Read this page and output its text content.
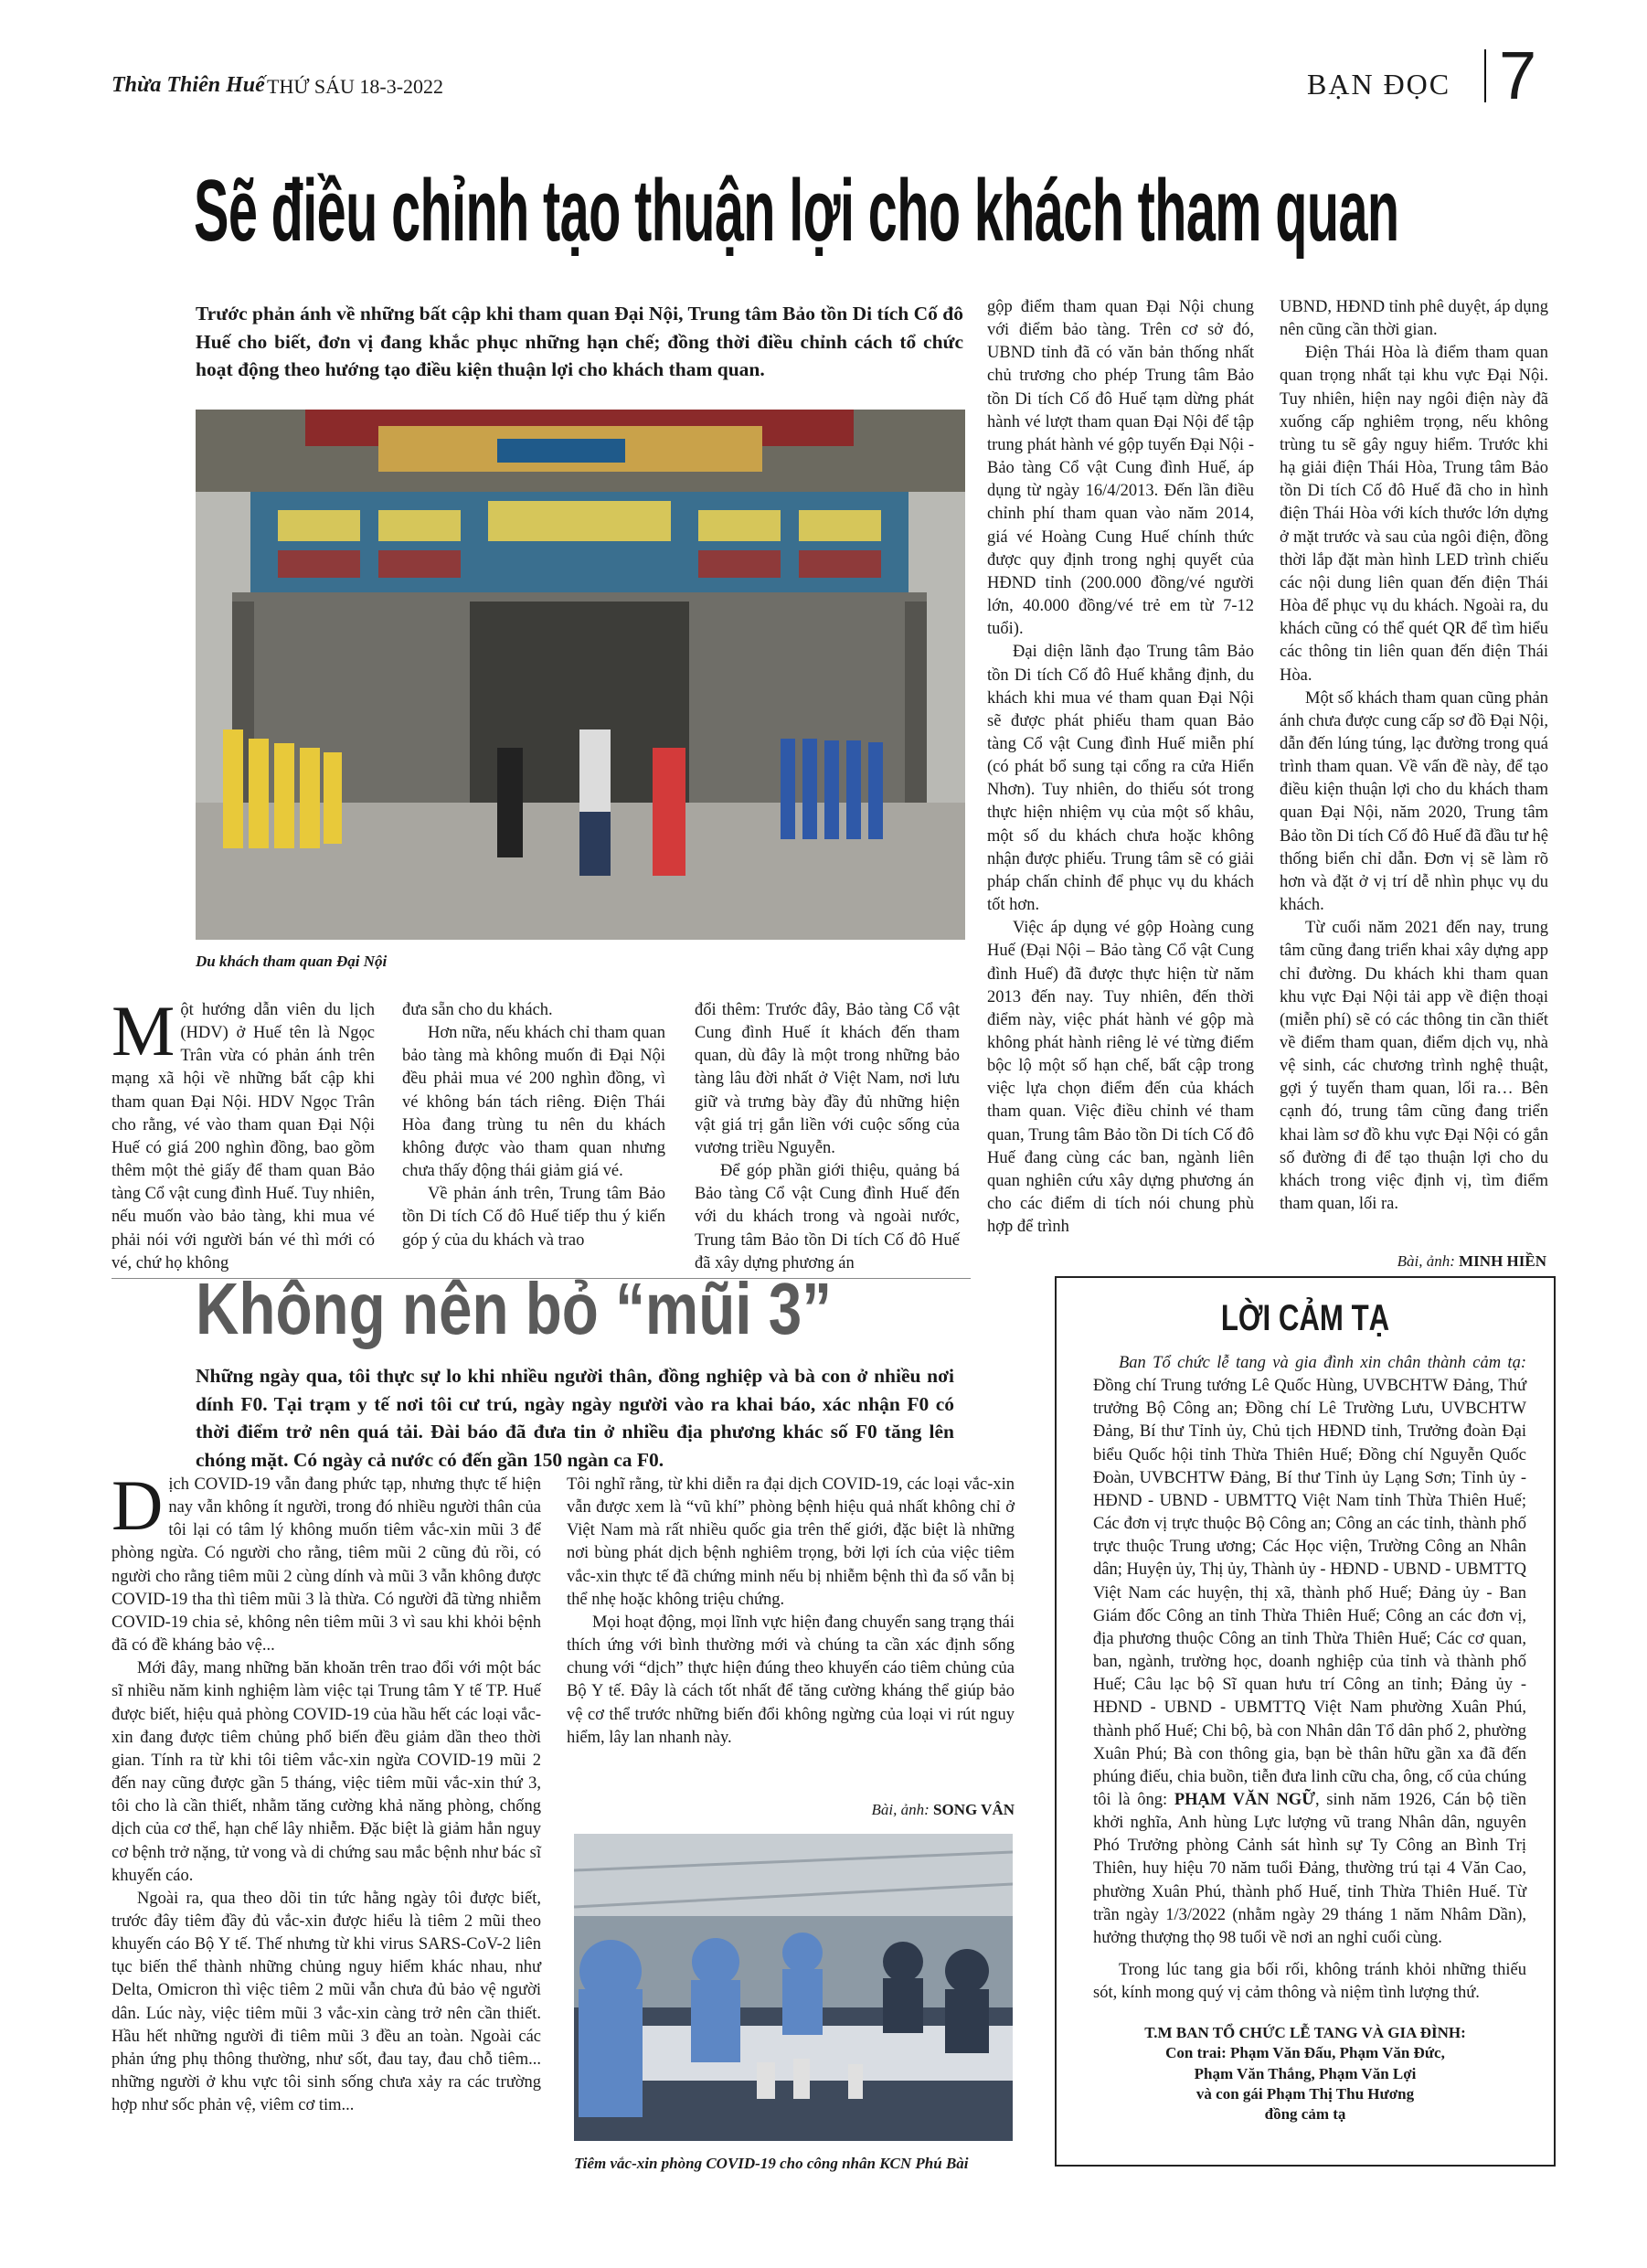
Thừa Thiên Huế THỨ SÁU 18-3-2022	BẠN ĐỌC 7
Sẽ điều chỉnh tạo thuận lợi cho khách tham quan
Trước phản ánh về những bất cập khi tham quan Đại Nội, Trung tâm Bảo tồn Di tích Cố đô Huế cho biết, đơn vị đang khắc phục những hạn chế; đồng thời điều chỉnh cách tổ chức hoạt động theo hướng tạo điều kiện thuận lợi cho khách tham quan.
Du khách tham quan Đại Nội
Một hướng dẫn viên du lịch (HDV) ở Huế tên là Ngọc Trân vừa có phản ánh trên mạng xã hội về những bất cập khi tham quan Đại Nội. HDV Ngọc Trân cho rằng, vé vào tham quan Đại Nội Huế có giá 200 nghìn đồng, bao gồm thêm một thẻ giấy để tham quan Bảo tàng Cổ vật cung đình Huế. Tuy nhiên, nếu muốn vào bảo tàng, khi mua vé phải nói với người bán vé thì mới có vé, chứ họ không

đưa sẵn cho du khách.

Hơn nữa, nếu khách chỉ tham quan bảo tàng mà không muốn đi Đại Nội đều phải mua vé 200 nghìn đồng, vì vé không bán tách riêng. Điện Thái Hòa đang trùng tu nên du khách không được vào tham quan nhưng chưa thấy động thái giảm giá vé.

Về phản ánh trên, Trung tâm Bảo tồn Di tích Cố đô Huế tiếp thu ý kiến góp ý của du khách và trao

đổi thêm: Trước đây, Bảo tàng Cổ vật Cung đình Huế ít khách đến tham quan, dù đây là một trong những bảo tàng lâu đời nhất ở Việt Nam, nơi lưu giữ và trưng bày đầy đủ những hiện vật giá trị gắn liền với cuộc sống của vương triều Nguyễn.

Để góp phần giới thiệu, quảng bá Bảo tàng Cổ vật Cung đình Huế đến với du khách trong và ngoài nước, Trung tâm Bảo tồn Di tích Cố đô Huế đã xây dựng phương án

gộp điểm tham quan Đại Nội chung với điểm bảo tàng. Trên cơ sở đó, UBND tỉnh đã có văn bản thống nhất chủ trương cho phép Trung tâm Bảo tồn Di tích Cố đô Huế tạm dừng phát hành vé lượt tham quan Đại Nội để tập trung phát hành vé gộp tuyến Đại Nội - Bảo tàng Cổ vật Cung đình Huế, áp dụng từ ngày 16/4/2013. Đến lần điều chỉnh phí tham quan vào năm 2014, giá vé Hoàng Cung Huế chính thức được quy định trong nghị quyết của HĐND tỉnh (200.000 đồng/vé người lớn, 40.000 đồng/vé trẻ em từ 7-12 tuổi).

Đại diện lãnh đạo Trung tâm Bảo tồn Di tích Cố đô Huế khẳng định, du khách khi mua vé tham quan Đại Nội sẽ được phát phiếu tham quan Bảo tàng Cổ vật Cung đình Huế miễn phí (có phát bổ sung tại cổng ra cửa Hiển Nhơn). Tuy nhiên, do thiếu sót trong thực hiện nhiệm vụ của một số khâu, một số du khách chưa hoặc không nhận được phiếu. Trung tâm sẽ có giải pháp chấn chỉnh để phục vụ du khách tốt hơn.

Việc áp dụng vé gộp Hoàng cung Huế (Đại Nội – Bảo tàng Cổ vật Cung đình Huế) đã được thực hiện từ năm 2013 đến nay. Tuy nhiên, đến thời điểm này, việc phát hành vé gộp mà không phát hành riêng lẻ vé từng điểm bộc lộ một số hạn chế, bất cập trong việc lựa chọn điểm đến của khách tham quan. Việc điều chỉnh vé tham quan, Trung tâm Bảo tồn Di tích Cố đô Huế đang cùng các ban, ngành liên quan nghiên cứu xây dựng phương án cho các điểm di tích nói chung phù hợp để trình

UBND, HĐND tỉnh phê duyệt, áp dụng nên cũng cần thời gian.

Điện Thái Hòa là điểm tham quan quan trọng nhất tại khu vực Đại Nội. Tuy nhiên, hiện nay ngôi điện này đã xuống cấp nghiêm trọng, nếu không trùng tu sẽ gây nguy hiểm. Trước khi hạ giải điện Thái Hòa, Trung tâm Bảo tồn Di tích Cố đô Huế đã cho in hình điện Thái Hòa với kích thước lớn dựng ở mặt trước và sau của ngôi điện, đồng thời lắp đặt màn hình LED trình chiếu các nội dung liên quan đến điện Thái Hòa để phục vụ du khách. Ngoài ra, du khách cũng có thể quét QR để tìm hiểu các thông tin liên quan đến điện Thái Hòa.

Một số khách tham quan cũng phản ánh chưa được cung cấp sơ đồ Đại Nội, dẫn đến lúng túng, lạc đường trong quá trình tham quan. Về vấn đề này, để tạo điều kiện thuận lợi cho du khách tham quan Đại Nội, năm 2020, Trung tâm Bảo tồn Di tích Cố đô Huế đã đầu tư hệ thống biển chỉ dẫn. Đơn vị sẽ làm rõ hơn và đặt ở vị trí dễ nhìn phục vụ du khách.

Từ cuối năm 2021 đến nay, trung tâm cũng đang triển khai xây dựng app chỉ đường. Du khách khi tham quan khu vực Đại Nội tải app về điện thoại (miễn phí) sẽ có các thông tin cần thiết về điểm tham quan, điểm dịch vụ, nhà vệ sinh, các chương trình nghệ thuật, gợi ý tuyến tham quan, lối ra… Bên cạnh đó, trung tâm cũng đang triển khai làm sơ đồ khu vực Đại Nội có gắn số đường đi để tạo thuận lợi cho du khách trong việc định vị, tìm điểm tham quan, lối ra.

Bài, ảnh: MINH HIỀN
Không nên bỏ “mũi 3”
Những ngày qua, tôi thực sự lo khi nhiều người thân, đồng nghiệp và bà con ở nhiều nơi dính F0. Tại trạm y tế nơi tôi cư trú, ngày ngày người vào ra khai báo, xác nhận F0 có thời điểm trở nên quá tải. Đài báo đã đưa tin ở nhiều địa phương khác số F0 tăng lên chóng mặt. Có ngày cả nước có đến gần 150 ngàn ca F0.
Dịch COVID-19 vẫn đang phức tạp, nhưng thực tế hiện nay vẫn không ít người, trong đó nhiều người thân của tôi lại có tâm lý không muốn tiêm vắc-xin mũi 3 để phòng ngừa. Có người cho rằng, tiêm mũi 2 cũng đủ rồi, có người cho rằng tiêm mũi 2 cùng dính và mũi 3 vẫn không được COVID-19 tha thì tiêm mũi 3 là thừa. Có người đã từng nhiễm COVID-19 chia sẻ, không nên tiêm mũi 3 vì sau khi khỏi bệnh đã có đề kháng bảo vệ...

Mới đây, mang những băn khoăn trên trao đổi với một bác sĩ nhiều năm kinh nghiệm làm việc tại Trung tâm Y tế TP. Huế được biết, hiệu quả phòng COVID-19 của hầu hết các loại vắc-xin đang được tiêm chủng phổ biến đều giảm dần theo thời gian. Tính ra từ khi tôi tiêm vắc-xin ngừa COVID-19 mũi 2 đến nay cũng được gần 5 tháng, việc tiêm mũi vắc-xin thứ 3, tôi cho là cần thiết, nhằm tăng cường khả năng phòng, chống dịch của cơ thể, hạn chế lây nhiễm. Đặc biệt là giảm hẳn nguy cơ bệnh trở nặng, tử vong và di chứng sau mắc bệnh như bác sĩ khuyến cáo.

Ngoài ra, qua theo dõi tin tức hằng ngày tôi được biết, trước đây tiêm đầy đủ vắc-xin được hiểu là tiêm 2 mũi theo khuyến cáo Bộ Y tế. Thế nhưng từ khi virus SARS-CoV-2 liên tục biến thể thành những chủng nguy hiểm khác nhau, như Delta, Omicron thì việc tiêm 2 mũi vẫn chưa đủ bảo vệ người dân. Lúc này, việc tiêm mũi 3 vắc-xin càng trở nên cần thiết. Hầu hết những người đi tiêm mũi 3 đều an toàn. Ngoài các phản ứng phụ thông thường, như sốt, đau tay, đau chỗ tiêm... những người ở khu vực tôi sinh sống chưa xảy ra các trường hợp như sốc phản vệ, viêm cơ tim...

Tôi nghĩ rằng, từ khi diễn ra đại dịch COVID-19, các loại vắc-xin vẫn được xem là “vũ khí” phòng bệnh hiệu quả nhất không chỉ ở Việt Nam mà rất nhiều quốc gia trên thế giới, đặc biệt là những nơi bùng phát dịch bệnh nghiêm trọng, bởi lợi ích của việc tiêm vắc-xin thực tế đã chứng minh nếu bị nhiễm bệnh thì đa số vẫn bị thể nhẹ hoặc không triệu chứng.

Mọi hoạt động, mọi lĩnh vực hiện đang chuyển sang trạng thái thích ứng với bình thường mới và chúng ta cần xác định sống chung với “dịch” thực hiện đúng theo khuyến cáo tiêm chủng của Bộ Y tế. Đây là cách tốt nhất để tăng cường kháng thể giúp bảo vệ cơ thể trước những biến đổi không ngừng của loại vi rút nguy hiểm, lây lan nhanh này.

Bài, ảnh: SONG VÂN
Tiêm vắc-xin phòng COVID-19 cho công nhân KCN Phú Bài
LỜI CẢM TẠ

Ban Tổ chức lễ tang và gia đình xin chân thành cảm tạ: Đồng chí Trung tướng Lê Quốc Hùng, UVBCHTW Đảng, Thứ trưởng Bộ Công an; Đồng chí Lê Trường Lưu, UVBCHTW Đảng, Bí thư Tỉnh ủy, Chủ tịch HĐND tỉnh, Trưởng đoàn Đại biểu Quốc hội tỉnh Thừa Thiên Huế; Đồng chí Nguyễn Quốc Đoàn, UVBCHTW Đảng, Bí thư Tỉnh ủy Lạng Sơn; Tỉnh ủy - HĐND - UBND - UBMTTQ Việt Nam tỉnh Thừa Thiên Huế; Các đơn vị trực thuộc Bộ Công an; Công an các tỉnh, thành phố trực thuộc Trung ương; Các Học viện, Trường Công an Nhân dân; Huyện ủy, Thị ủy, Thành ủy - HĐND - UBND - UBMTTQ Việt Nam các huyện, thị xã, thành phố Huế; Đảng ủy - Ban Giám đốc Công an tỉnh Thừa Thiên Huế; Công an các đơn vị, địa phương thuộc Công an tỉnh Thừa Thiên Huế; Các cơ quan, ban, ngành, trường học, doanh nghiệp của tỉnh và thành phố Huế; Câu lạc bộ Sĩ quan hưu trí Công an tỉnh; Đảng ủy - HĐND - UBND - UBMTTQ Việt Nam phường Xuân Phú, thành phố Huế; Chi bộ, bà con Nhân dân Tổ dân phố 2, phường Xuân Phú; Bà con thông gia, bạn bè thân hữu gần xa đã đến phúng điếu, chia buồn, tiễn đưa linh cữu cha, ông, cố của chúng tôi là ông: PHẠM VĂN NGỮ, sinh năm 1926, Cán bộ tiền khởi nghĩa, Anh hùng Lực lượng vũ trang Nhân dân, nguyên Phó Trưởng phòng Cảnh sát hình sự Ty Công an Bình Trị Thiên, huy hiệu 70 năm tuổi Đảng, thường trú tại 4 Văn Cao, phường Xuân Phú, thành phố Huế, tỉnh Thừa Thiên Huế. Từ trần ngày 1/3/2022 (nhằm ngày 29 tháng 1 năm Nhâm Dần), hưởng thượng thọ 98 tuổi về nơi an nghỉ cuối cùng.

Trong lúc tang gia bối rối, không tránh khỏi những thiếu sót, kính mong quý vị cảm thông và niệm tình lượng thứ.

T.M BAN TỔ CHỨC LỄ TANG VÀ GIA ĐÌNH:
Con trai: Phạm Văn Đấu, Phạm Văn Đức,
Phạm Văn Thắng, Phạm Văn Lợi
và con gái Phạm Thị Thu Hương
đồng cảm tạ
